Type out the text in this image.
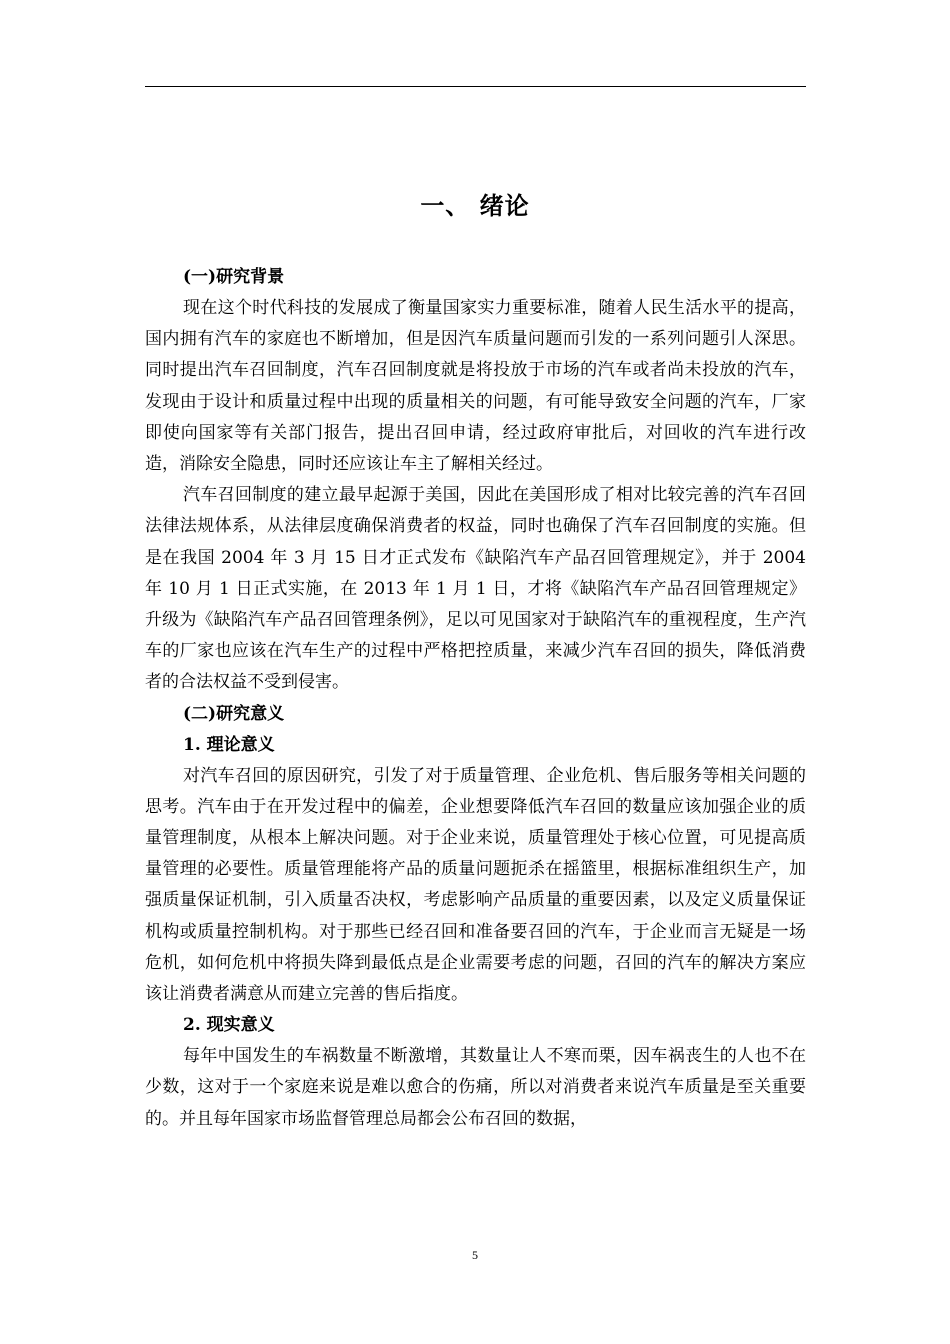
一、 绪论

(一)研究背景

现在这个时代科技的发展成了衡量国家实力重要标准，随着人民生活水平的提高，国内拥有汽车的家庭也不断增加，但是因汽车质量问题而引发的一系列问题引人深思。同时提出汽车召回制度，汽车召回制度就是将投放于市场的汽车或者尚未投放的汽车，发现由于设计和质量过程中出现的质量相关的问题，有可能导致安全问题的汽车，厂家即使向国家等有关部门报告，提出召回申请，经过政府审批后，对回收的汽车进行改造，消除安全隐患，同时还应该让车主了解相关经过。

汽车召回制度的建立最早起源于美国，因此在美国形成了相对比较完善的汽车召回法律法规体系，从法律层度确保消费者的权益，同时也确保了汽车召回制度的实施。但是在我国 2004 年 3 月 15 日才正式发布《缺陷汽车产品召回管理规定》，并于 2004 年 10 月 1 日正式实施，在 2013 年 1 月 1 日，才将《缺陷汽车产品召回管理规定》升级为《缺陷汽车产品召回管理条例》，足以可见国家对于缺陷汽车的重视程度，生产汽车的厂家也应该在汽车生产的过程中严格把控质量，来减少汽车召回的损失，降低消费者的合法权益不受到侵害。

(二)研究意义

1. 理论意义

对汽车召回的原因研究，引发了对于质量管理、企业危机、售后服务等相关问题的思考。汽车由于在开发过程中的偏差，企业想要降低汽车召回的数量应该加强企业的质量管理制度，从根本上解决问题。对于企业来说，质量管理处于核心位置，可见提高质量管理的必要性。质量管理能将产品的质量问题扼杀在摇篮里，根据标准组织生产，加强质量保证机制，引入质量否决权，考虑影响产品质量的重要因素，以及定义质量保证机构或质量控制机构。对于那些已经召回和准备要召回的汽车，于企业而言无疑是一场危机，如何危机中将损失降到最低点是企业需要考虑的问题，召回的汽车的解决方案应该让消费者满意从而建立完善的售后指度。

2. 现实意义

每年中国发生的车祸数量不断激增，其数量让人不寒而栗，因车祸丧生的人也不在少数，这对于一个家庭来说是难以愈合的伤痛，所以对消费者来说汽车质量是至关重要的。并且每年国家市场监督管理总局都会公布召回的数据，

5
